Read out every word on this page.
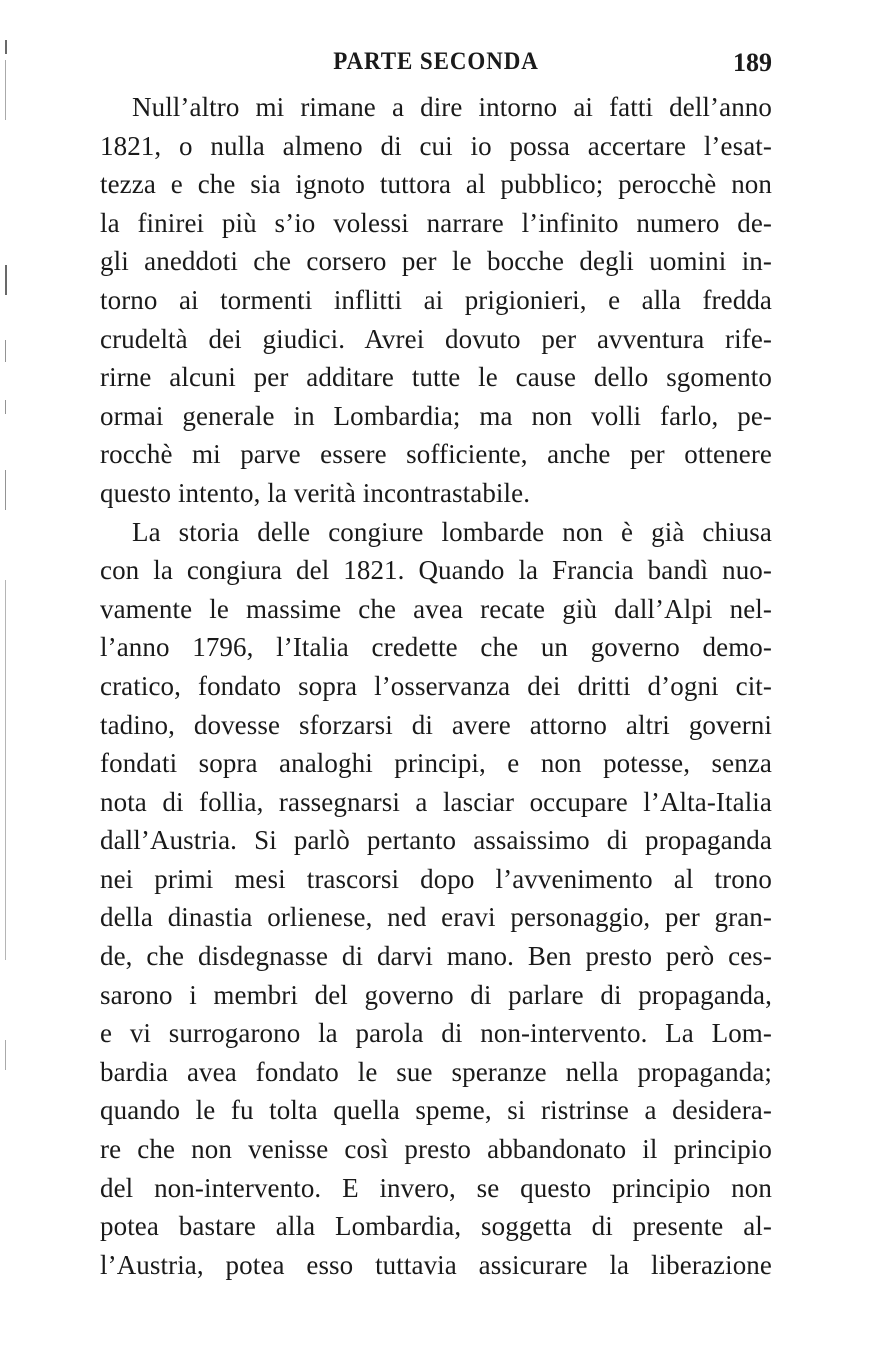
PARTE SECONDA	189
Null’altro mi rimane a dire intorno ai fatti dell’anno
1821, o nulla almeno di cui io possa accertare l’esat-
tezza e che sia ignoto tuttora al pubblico; perocchè non
la finirei più s’io volessi narrare l’infinito numero de-
gli aneddoti che corsero per le bocche degli uomini in-
torno ai tormenti inflitti ai prigionieri, e alla fredda
crudeltà dei giudici. Avrei dovuto per avventura rife-
rirne alcuni per additare tutte le cause dello sgomento
ormai generale in Lombardia; ma non volli farlo, pe-
rocchè mi parve essere sofficiente, anche per ottenere
questo intento, la verità incontrastabile.
La storia delle congiure lombarde non è già chiusa
con la congiura del 1821. Quando la Francia bandì nuo-
vamente le massime che avea recate giù dall’Alpi nel-
l’anno 1796, l’Italia credette che un governo demo-
cratico, fondato sopra l’osservanza dei dritti d’ogni cit-
tadino, dovesse sforzarsi di avere attorno altri governi
fondati sopra analoghi principi, e non potesse, senza
nota di follia, rassegnarsi a lasciar occupare l’Alta-Italia
dall’Austria. Si parlò pertanto assaissimo di propaganda
nei primi mesi trascorsi dopo l’avvenimento al trono
della dinastia orlienese, ned eravi personaggio, per gran-
de, che disdegnasse di darvi mano. Ben presto però ces-
sarono i membri del governo di parlare di propaganda,
e vi surrogarono la parola di non-intervento. La Lom-
bardia avea fondato le sue speranze nella propaganda;
quando le fu tolta quella speme, si ristrinse a desidera-
re che non venisse così presto abbandonato il principio
del non-intervento. E invero, se questo principio non
potea bastare alla Lombardia, soggetta di presente al-
l’Austria, potea esso tuttavia assicurare la liberazione
